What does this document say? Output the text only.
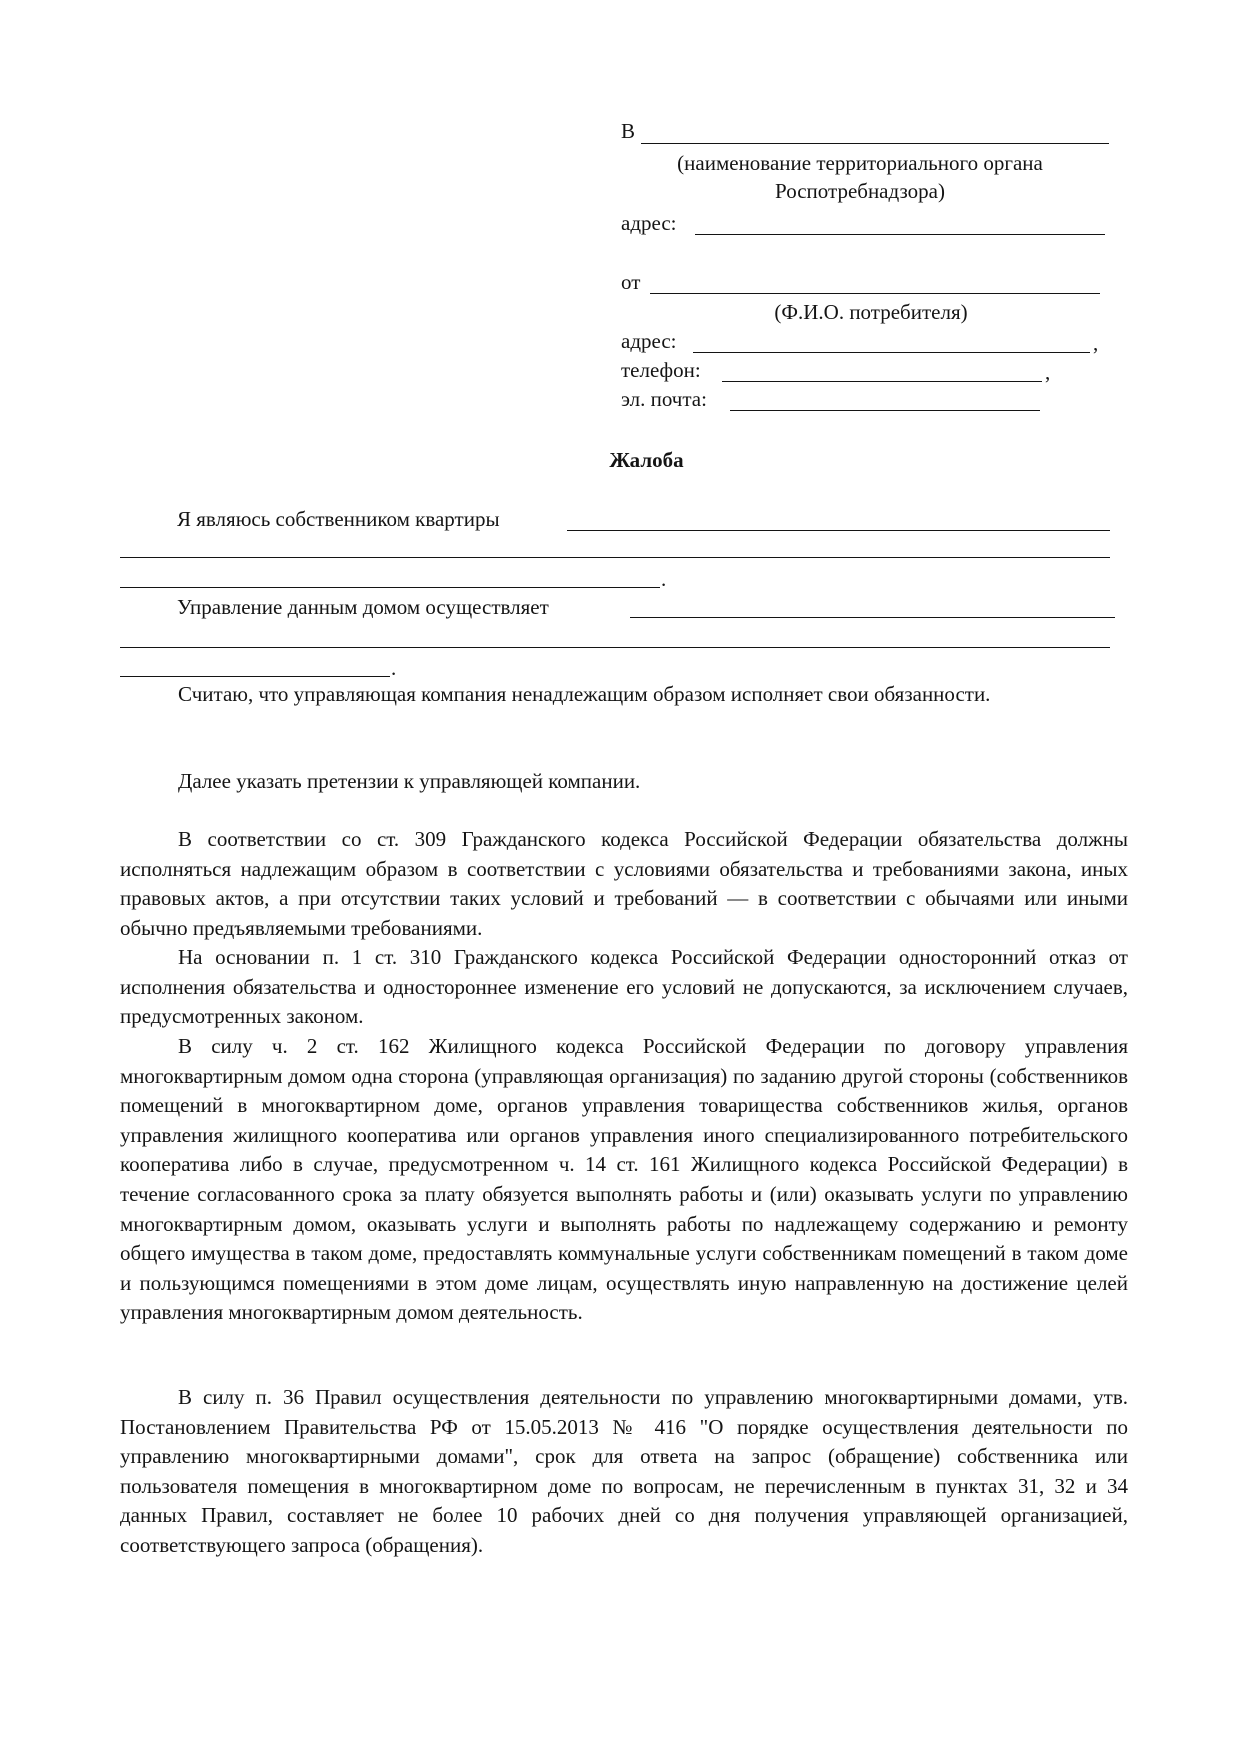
В
(наименование территориального органа Роспотребнадзора)
адрес:
от
(Ф.И.О. потребителя)
адрес:	,
телефон:	,
эл. почта:
Жалоба
Я являюсь собственником квартиры
.
Управление данным домом осуществляет
.
Считаю, что управляющая компания ненадлежащим образом исполняет свои обязанности.
Далее указать претензии к управляющей компании.
В соответствии со ст. 309 Гражданского кодекса Российской Федерации обязательства должны исполняться надлежащим образом в соответствии с условиями обязательства и требованиями закона, иных правовых актов, а при отсутствии таких условий и требований — в соответствии с обычаями или иными обычно предъявляемыми требованиями.
На основании п. 1 ст. 310 Гражданского кодекса Российской Федерации односторонний отказ от исполнения обязательства и одностороннее изменение его условий не допускаются, за исключением случаев, предусмотренных законом.
В силу ч. 2 ст. 162 Жилищного кодекса Российской Федерации по договору управления многоквартирным домом одна сторона (управляющая организация) по заданию другой стороны (собственников помещений в многоквартирном доме, органов управления товарищества собственников жилья, органов управления жилищного кооператива или органов управления иного специализированного потребительского кооператива либо в случае, предусмотренном ч. 14 ст. 161 Жилищного кодекса Российской Федерации) в течение согласованного срока за плату обязуется выполнять работы и (или) оказывать услуги по управлению многоквартирным домом, оказывать услуги и выполнять работы по надлежащему содержанию и ремонту общего имущества в таком доме, предоставлять коммунальные услуги собственникам помещений в таком доме и пользующимся помещениями в этом доме лицам, осуществлять иную направленную на достижение целей управления многоквартирным домом деятельность.
В силу п. 36 Правил осуществления деятельности по управлению многоквартирными домами, утв. Постановлением Правительства РФ от 15.05.2013 № 416 "О порядке осуществления деятельности по управлению многоквартирными домами", срок для ответа на запрос (обращение) собственника или пользователя помещения в многоквартирном доме по вопросам, не перечисленным в пунктах 31, 32 и 34 данных Правил, составляет не более 10 рабочих дней со дня получения управляющей организацией, соответствующего запроса (обращения).
